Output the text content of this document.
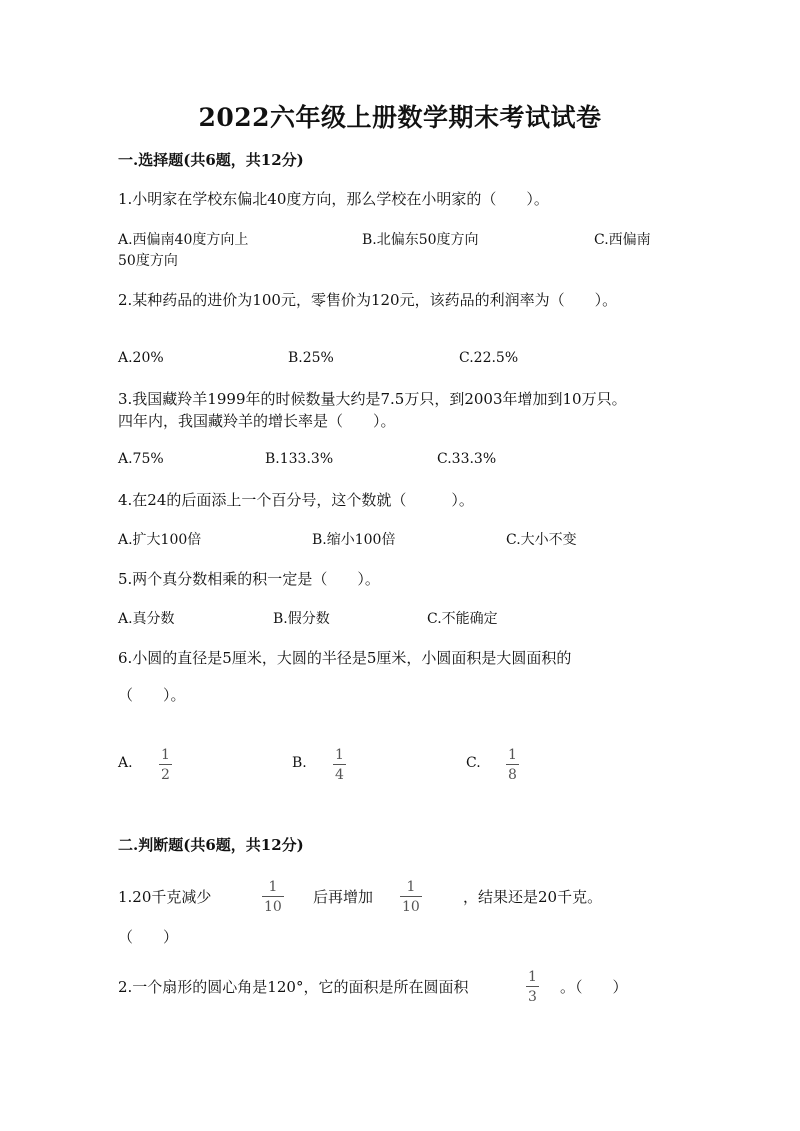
2022六年级上册数学期末考试试卷
一.选择题(共6题，共12分)
1.小明家在学校东偏北40度方向，那么学校在小明家的（　　）。
A.西偏南40度方向上	B.北偏东50度方向	C.西偏南
50度方向
2.某种药品的进价为100元，零售价为120元，该药品的利润率为（　　）。
A.20%	B.25%	C.22.5%
3.我国藏羚羊1999年的时候数量大约是7.5万只，到2003年增加到10万只。
四年内，我国藏羚羊的增长率是（　　）。
A.75%	B.133.3%	C.33.3%
4.在24的后面添上一个百分号，这个数就（　　　）。
A.扩大100倍	B.缩小100倍	C.大小不变
5.两个真分数相乘的积一定是（　　）。
A.真分数	B.假分数	C.不能确定
6.小圆的直径是5厘米，大圆的半径是5厘米，小圆面积是大圆面积的
（　　）。
A. 1
2
B. 1
4
C. 1
8
二.判断题(共6题，共12分)
1.20千克减少
1
10
后再增加
1
10
，结果还是20千克。
（　　）
2.一个扇形的圆心角是120°，它的面积是所在圆面积
1
3
。（　　）
